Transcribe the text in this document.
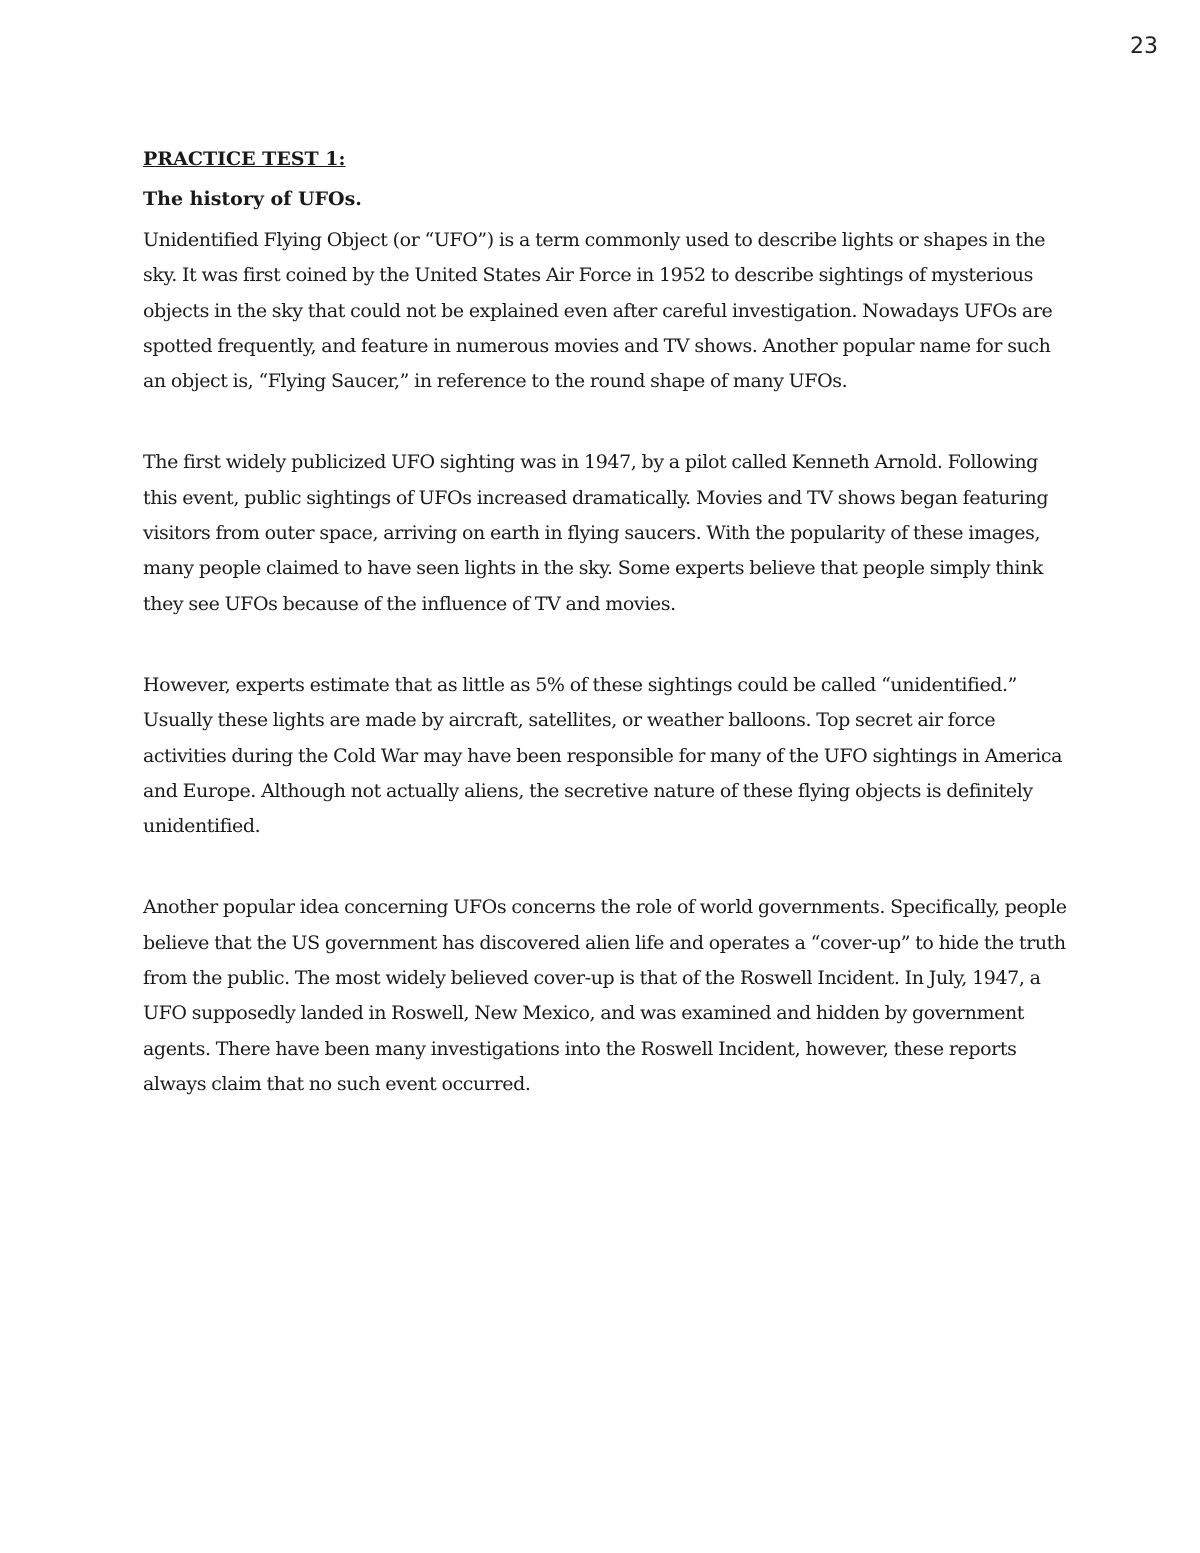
23
PRACTICE TEST 1:
The history of UFOs.

Unidentified Flying Object (or “UFO”) is a term commonly used to describe lights or shapes in the sky. It was first coined by the United States Air Force in 1952 to describe sightings of mysterious objects in the sky that could not be explained even after careful investigation. Nowadays UFOs are spotted frequently, and feature in numerous movies and TV shows. Another popular name for such an object is, “Flying Saucer,” in reference to the round shape of many UFOs.

The first widely publicized UFO sighting was in 1947, by a pilot called Kenneth Arnold. Following this event, public sightings of UFOs increased dramatically. Movies and TV shows began featuring visitors from outer space, arriving on earth in flying saucers. With the popularity of these images, many people claimed to have seen lights in the sky. Some experts believe that people simply think they see UFOs because of the influence of TV and movies.

However, experts estimate that as little as 5% of these sightings could be called “unidentified.” Usually these lights are made by aircraft, satellites, or weather balloons. Top secret air force activities during the Cold War may have been responsible for many of the UFO sightings in America and Europe. Although not actually aliens, the secretive nature of these flying objects is definitely unidentified.

Another popular idea concerning UFOs concerns the role of world governments. Specifically, people believe that the US government has discovered alien life and operates a “cover-up” to hide the truth from the public. The most widely believed cover-up is that of the Roswell Incident. In July, 1947, a UFO supposedly landed in Roswell, New Mexico, and was examined and hidden by government agents. There have been many investigations into the Roswell Incident, however, these reports always claim that no such event occurred.
